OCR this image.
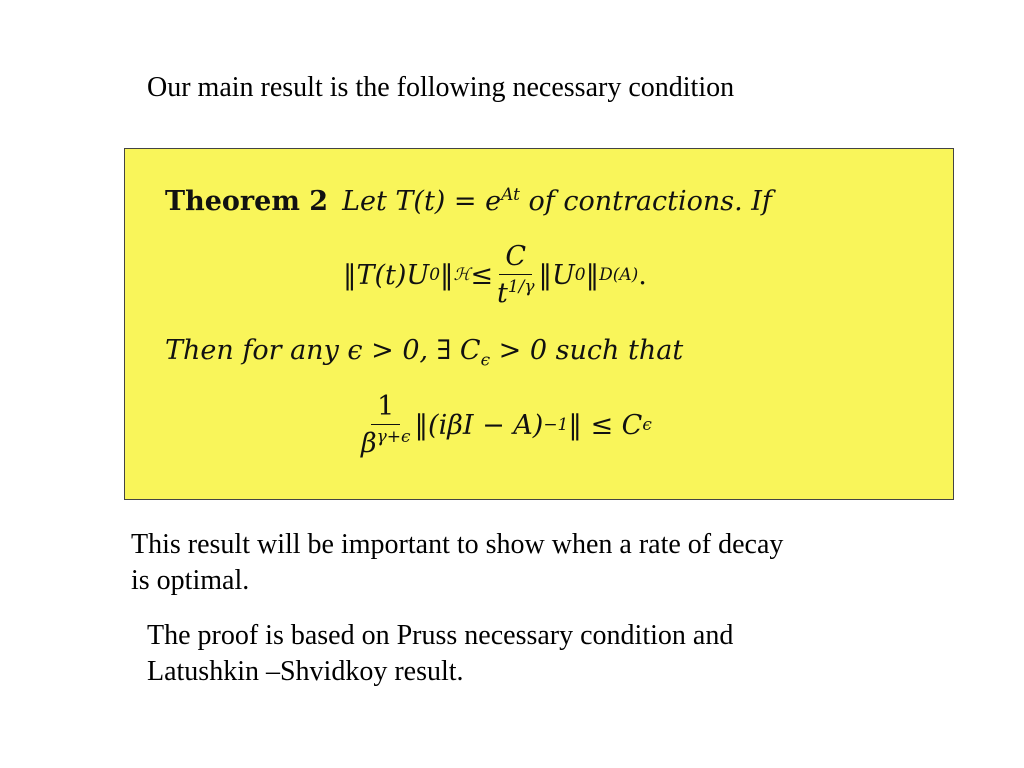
Our main result is the following necessary condition
Theorem 2 Let $T(t) = e^{At}$ of contractions. If
‖T(t)U 0 ‖ ℋ ≤ $\frac{C}{t^{1/\gamma}}$ ‖U 0 ‖ D(A) .
Then for any ϵ > 0, ∃ $C_\epsilon > 0$ such that
$\frac{1}{\beta^{\gamma+\epsilon}}$ ‖(iβI − A) −1 ‖ ≤ C ϵ
This result will be important to show when a rate of decay
is optimal.
The proof is based on Pruss necessary condition and
Latushkin –Shvidkoy result.
